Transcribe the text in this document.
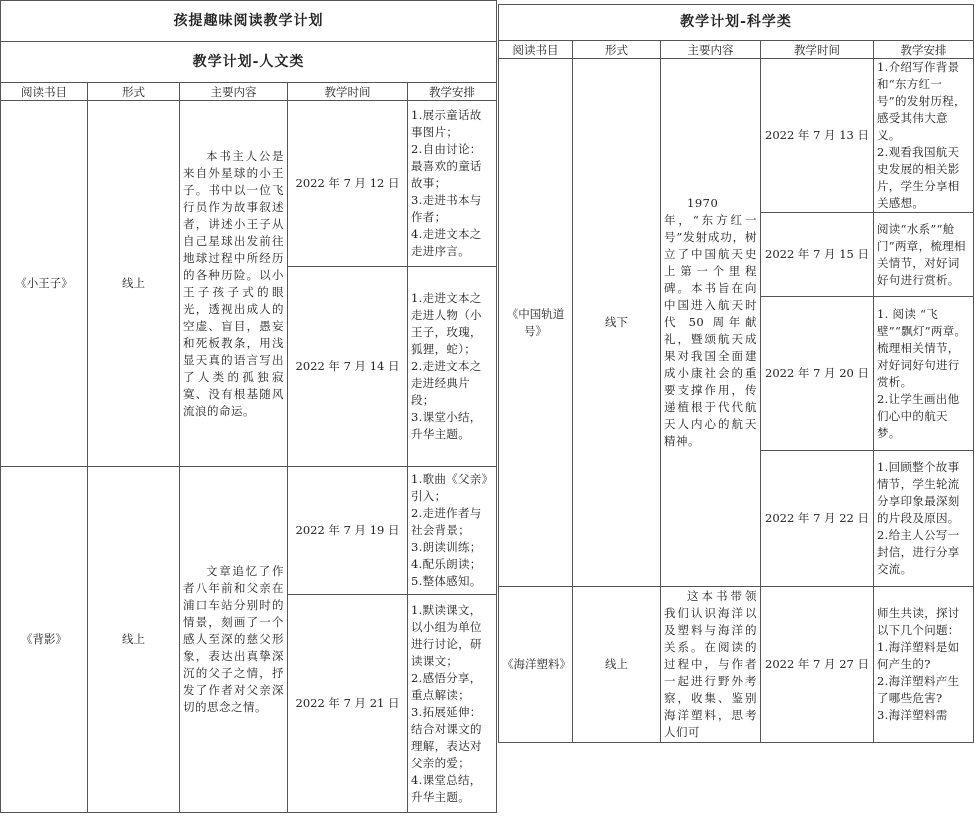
孩提趣味阅读教学计划				
教学计划-人文类				
阅读书目	形式	主要内容	教学时间	教学安排
《小王子》	线上	本书主人公是来自外星球的小王子。书中以一位飞行员作为故事叙述者，讲述小王子从自己星球出发前往地球过程中所经历的各种历险。以小王子孩子式的眼光，透视出成人的空虚、盲目，愚妄和死板教条，用浅显天真的语言写出了人类的孤独寂寞、没有根基随风流浪的命运。	2022 年 7 月 12 日	1.展示童话故事图片；
2.自由讨论：最喜欢的童话故事；
3.走进书本与作者；
4.走进文本之走进序言。

			2022 年 7 月 14 日	1.走进文本之走进人物（小王子，玫瑰，狐狸，蛇）；
2.走进文本之走进经典片段；
3.课堂小结，升华主题。

《背影》	线上	文章追忆了作者八年前和父亲在浦口车站分别时的情景，刻画了一个感人至深的慈父形象，表达出真挚深沉的父子之情，抒发了作者对父亲深切的思念之情。	2022 年 7 月 19 日	1.歌曲《父亲》引入；
2.走进作者与社会背景；
3.朗读训练；
4.配乐朗读；
5.整体感知。

			2022 年 7 月 21 日	1.默读课文，以小组为单位进行讨论，研读课文；
2.感悟分享，重点解读；
3.拓展延伸：结合对课文的理解，表达对父亲的爱；
4.课堂总结，升华主题。
教学计划-科学类				
阅读书目	形式	主要内容	教学时间	教学安排
《中国轨道号》	线下	1970 年，“东方红一号”发射成功，树立了中国航天史上第一个里程碑。本书旨在向中国进入航天时代 50 周年献礼，暨颂航天成果对我国全面建成小康社会的重要支撑作用，传递植根于代代航天人内心的航天精神。	2022 年 7 月 13 日	1.介绍写作背景和“东方红一号”的发射历程，感受其伟大意义。
2.观看我国航天史发展的相关影片，学生分享相关感想。

			2022 年 7 月 15 日	阅读“水系”“舱门”两章，梳理相关情节，对好词好句进行赏析。

			2022 年 7 月 20 日	1. 阅读 “飞壁”“飘灯”两章。梳理相关情节，对好词好句进行赏析。
2.让学生画出他们心中的航天梦。

			2022 年 7 月 22 日	1.回顾整个故事情节，学生轮流分享印象最深刻的片段及原因。
2.给主人公写一封信，进行分享交流。

《海洋塑料》	线上	这本书带领我们认识海洋以及塑料与海洋的关系。在阅读的过程中，与作者一起进行野外考察，收集、鉴别海洋塑料，思考人们可	2022 年 7 月 27 日	师生共读，探讨以下几个问题：
1.海洋塑料是如何产生的?
2.海洋塑料产生了哪些危害?
3.海洋塑料需
